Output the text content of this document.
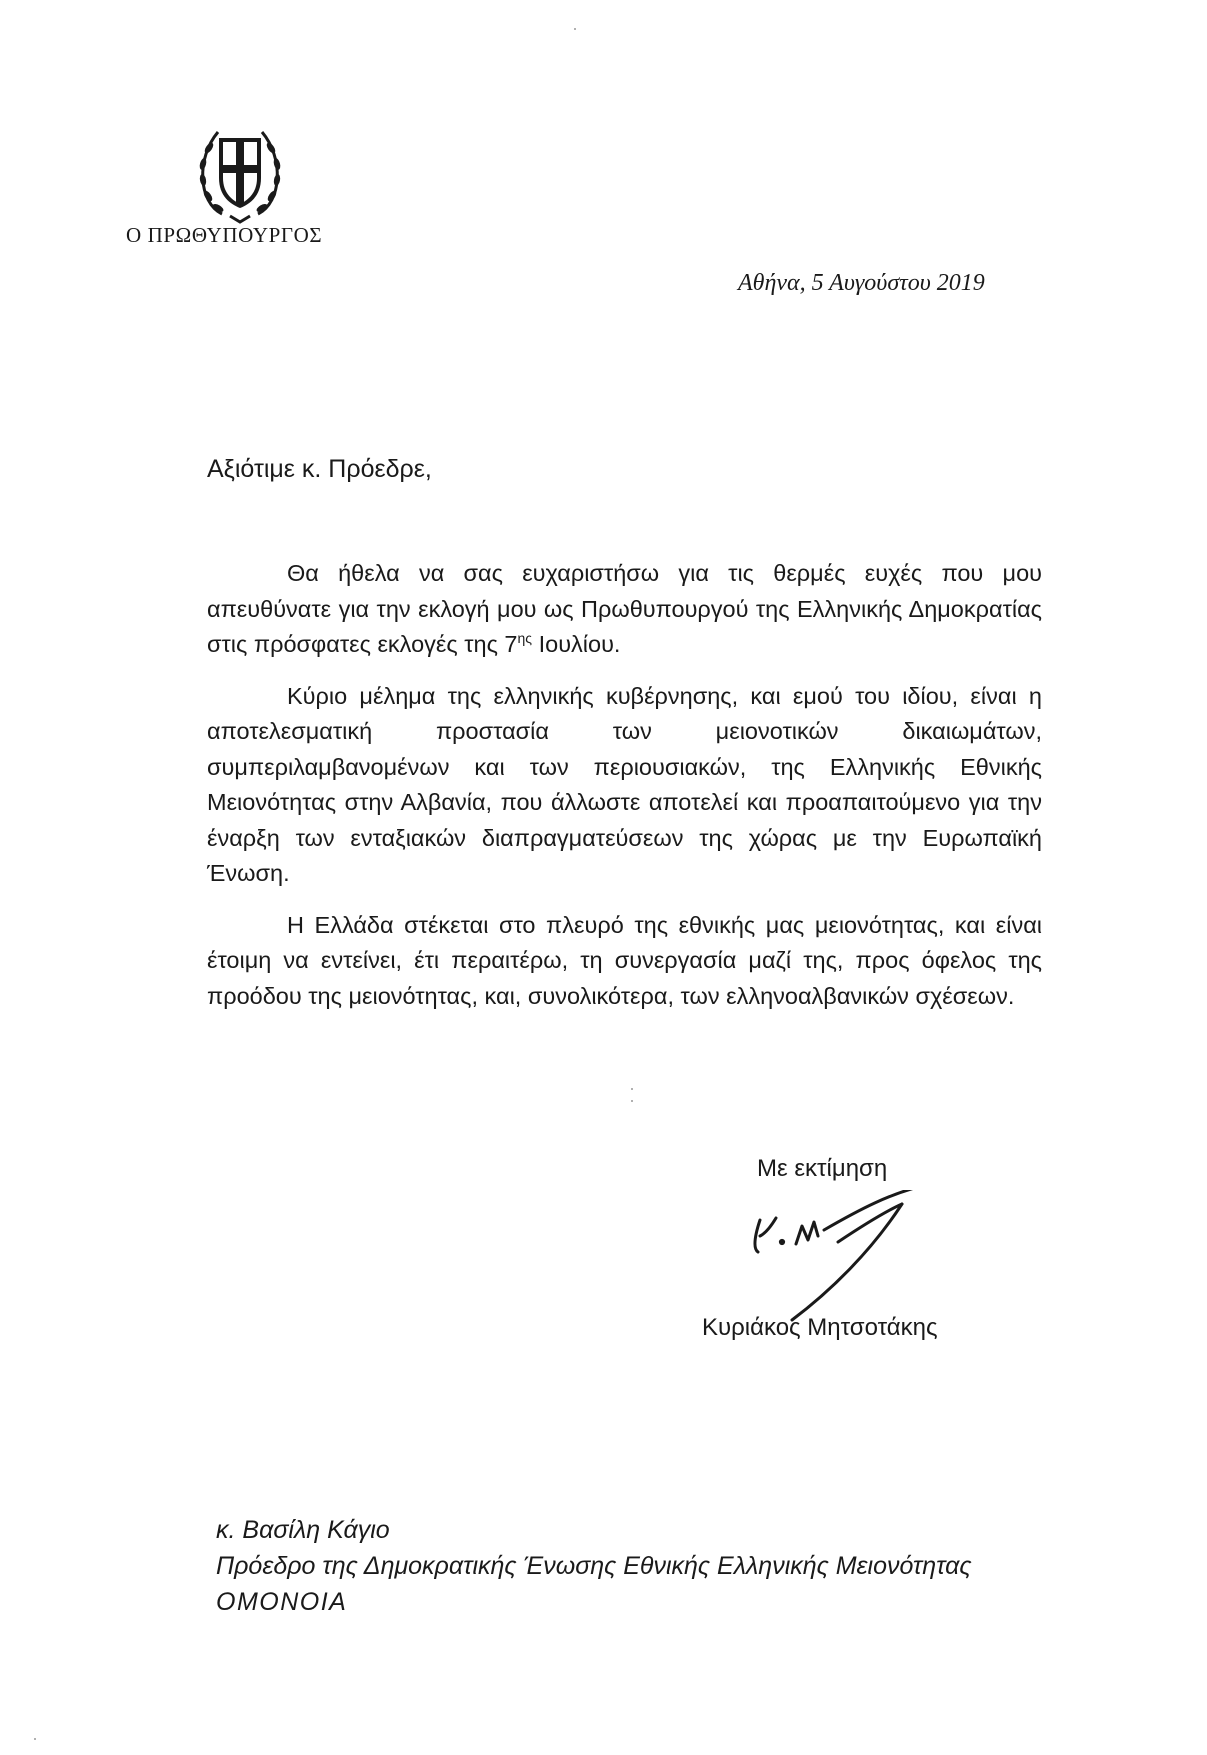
Ο ΠΡΩΘΥΠΟΥΡΓΟΣ
Αθήνα, 5 Αυγούστου 2019
Αξιότιμε κ. Πρόεδρε,

Θα ήθελα να σας ευχαριστήσω για τις θερμές ευχές που μου απευθύνατε για την εκλογή μου ως Πρωθυπουργού της Ελληνικής Δημοκρατίας στις πρόσφατες εκλογές της $7^{\eta\varsigma}$ Ιουλίου.

Κύριο μέλημα της ελληνικής κυβέρνησης, και εμού του ιδίου, είναι η αποτελεσματική προστασία των μειονοτικών δικαιωμάτων, συμπεριλαμβανομένων και των περιουσιακών, της Ελληνικής Εθνικής Μειονότητας στην Αλβανία, που άλλωστε αποτελεί και προαπαιτούμενο για την έναρξη των ενταξιακών διαπραγματεύσεων της χώρας με την Ευρωπαϊκή Ένωση.

Η Ελλάδα στέκεται στο πλευρό της εθνικής μας μειονότητας, και είναι έτοιμη να εντείνει, έτι περαιτέρω, τη συνεργασία μαζί της, προς όφελος της προόδου της μειονότητας, και, συνολικότερα, των ελληνοαλβανικών σχέσεων.

Με εκτίμηση
Κυριάκος Μητσοτάκης
κ. Βασίλη Κάγιο
Πρόεδρο της Δημοκρατικής Ένωσης Εθνικής Ελληνικής Μειονότητας
ΟΜΟΝΟΙΑ
